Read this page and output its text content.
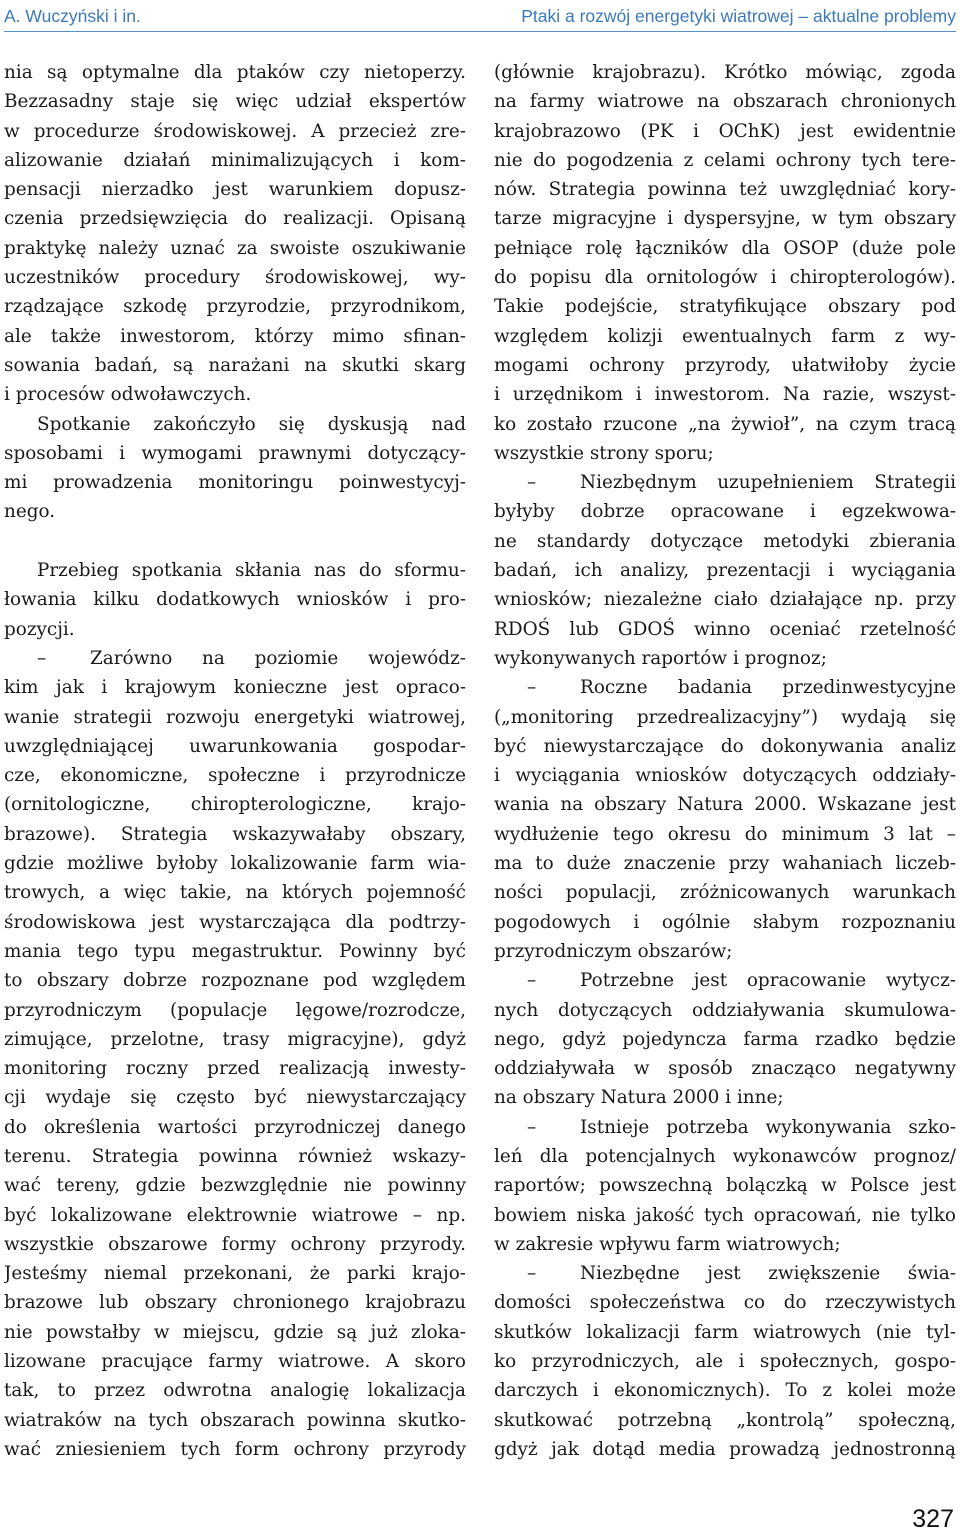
A. Wuczyński i in.	Ptaki a rozwój energetyki wiatrowej – aktualne problemy
nia są optymalne dla ptaków czy nietoperzy.
Bezzasadny staje się więc udział ekspertów
w procedurze środowiskowej. A przecież zre-
alizowanie działań minimalizujących i kom-
pensacji nierzadko jest warunkiem dopusz-
czenia przedsięwzięcia do realizacji. Opisaną
praktykę należy uznać za swoiste oszukiwanie
uczestników procedury środowiskowej, wy-
rządzające szkodę przyrodzie, przyrodnikom,
ale także inwestorom, którzy mimo sfinan-
sowania badań, są narażani na skutki skarg
i procesów odwoławczych.
Spotkanie zakończyło się dyskusją nad
sposobami i wymogami prawnymi dotyczący-
mi prowadzenia monitoringu poinwestycyj-
nego.
Przebieg spotkania skłania nas do sformu-
łowania kilku dodatkowych wniosków i pro-
pozycji.
– Zarówno na poziomie wojewódz-
kim jak i krajowym konieczne jest opraco-
wanie strategii rozwoju energetyki wiatrowej,
uwzględniającej uwarunkowania gospodar-
cze, ekonomiczne, społeczne i przyrodnicze
(ornitologiczne, chiropterologiczne, krajo-
brazowe). Strategia wskazywałaby obszary,
gdzie możliwe byłoby lokalizowanie farm wia-
trowych, a więc takie, na których pojemność
środowiskowa jest wystarczająca dla podtrzy-
mania tego typu megastruktur. Powinny być
to obszary dobrze rozpoznane pod względem
przyrodniczym (populacje lęgowe/rozrodcze,
zimujące, przelotne, trasy migracyjne), gdyż
monitoring roczny przed realizacją inwesty-
cji wydaje się często być niewystarczający
do określenia wartości przyrodniczej danego
terenu. Strategia powinna również wskazy-
wać tereny, gdzie bezwzględnie nie powinny
być lokalizowane elektrownie wiatrowe – np.
wszystkie obszarowe formy ochrony przyrody.
Jesteśmy niemal przekonani, że parki krajo-
brazowe lub obszary chronionego krajobrazu
nie powstałby w miejscu, gdzie są już zloka-
lizowane pracujące farmy wiatrowe. A skoro
tak, to przez odwrotna analogię lokalizacja
wiatraków na tych obszarach powinna skutko-
wać zniesieniem tych form ochrony przyrody
(głównie krajobrazu). Krótko mówiąc, zgoda
na farmy wiatrowe na obszarach chronionych
krajobrazowo (PK i OChK) jest ewidentnie
nie do pogodzenia z celami ochrony tych tere-
nów. Strategia powinna też uwzględniać kory-
tarze migracyjne i dyspersyjne, w tym obszary
pełniące rolę łączników dla OSOP (duże pole
do popisu dla ornitologów i chiropterologów).
Takie podejście, stratyfikujące obszary pod
względem kolizji ewentualnych farm z wy-
mogami ochrony przyrody, ułatwiłoby życie
i urzędnikom i inwestorom. Na razie, wszyst-
ko zostało rzucone „na żywioł”, na czym tracą
wszystkie strony sporu;
– Niezbędnym uzupełnieniem Strategii
byłyby dobrze opracowane i egzekwowa-
ne standardy dotyczące metodyki zbierania
badań, ich analizy, prezentacji i wyciągania
wniosków; niezależne ciało działające np. przy
RDOŚ lub GDOŚ winno oceniać rzetelność
wykonywanych raportów i prognoz;
– Roczne badania przedinwestycyjne
(„monitoring przedrealizacyjny”) wydają się
być niewystarczające do dokonywania analiz
i wyciągania wniosków dotyczących oddziały-
wania na obszary Natura 2000. Wskazane jest
wydłużenie tego okresu do minimum 3 lat –
ma to duże znaczenie przy wahaniach liczeb-
ności populacji, zróżnicowanych warunkach
pogodowych i ogólnie słabym rozpoznaniu
przyrodniczym obszarów;
– Potrzebne jest opracowanie wytycz-
nych dotyczących oddziaływania skumulowa-
nego, gdyż pojedyncza farma rzadko będzie
oddziaływała w sposób znacząco negatywny
na obszary Natura 2000 i inne;
– Istnieje potrzeba wykonywania szko-
leń dla potencjalnych wykonawców prognoz/
raportów; powszechną bolączką w Polsce jest
bowiem niska jakość tych opracowań, nie tylko
w zakresie wpływu farm wiatrowych;
– Niezbędne jest zwiększenie świa-
domości społeczeństwa co do rzeczywistych
skutków lokalizacji farm wiatrowych (nie tyl-
ko przyrodniczych, ale i społecznych, gospo-
darczych i ekonomicznych). To z kolei może
skutkować potrzebną „kontrolą” społeczną,
gdyż jak dotąd media prowadzą jednostronną
327
